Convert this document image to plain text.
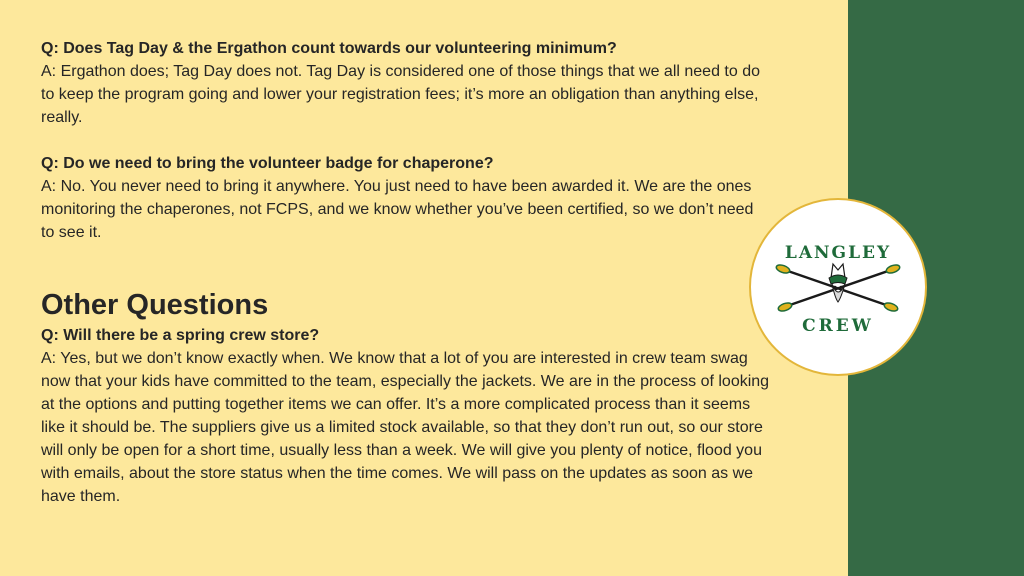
Q: Does Tag Day & the Ergathon count towards our volunteering minimum?

A: Ergathon does; Tag Day does not. Tag Day is considered one of those things that we all need to do to keep the program going and lower your registration fees; it’s more an obligation than anything else, really.

Q: Do we need to bring the volunteer badge for chaperone?

A: No. You never need to bring it anywhere. You just need to have been awarded it. We are the ones monitoring the chaperones, not FCPS, and we know whether you’ve been certified, so we don’t need to see it.

Other Questions

Q: Will there be a spring crew store?

A: Yes, but we don’t know exactly when. We know that a lot of you are interested in crew team swag now that your kids have committed to the team, especially the jackets. We are in the process of looking at the options and putting together items we can offer. It’s a more complicated process than it seems like it should be. The suppliers give us a limited stock available, so that they don’t run out, so our store will only be open for a short time, usually less than a week. We will give you plenty of notice, flood you with emails, about the store status when the time comes. We will pass on the updates as soon as we have them.

LANGLEY
CREW
